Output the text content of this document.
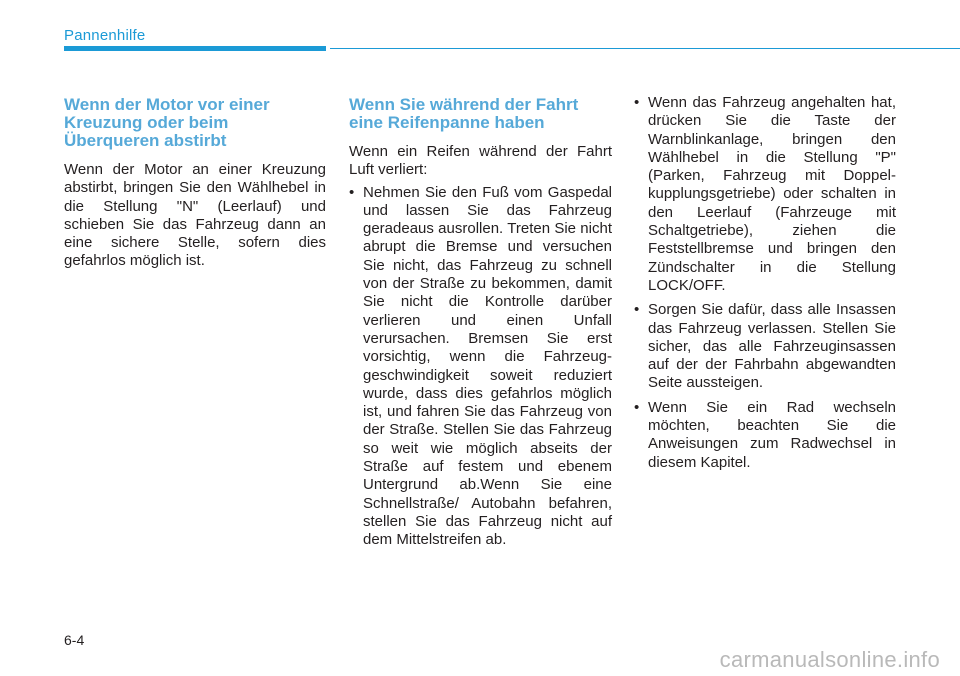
Pannenhilfe
Wenn der Motor vor einer Kreuzung oder beim Überqueren abstirbt

Wenn der Motor an einer Kreuzung abstirbt, bringen Sie den Wählhebel in die Stellung "N" (Leerlauf) und schieben Sie das Fahrzeug dann an eine sichere Stelle, sofern dies gefahrlos möglich ist.

Wenn Sie während der Fahrt eine Reifenpanne haben

Wenn ein Reifen während der Fahrt Luft verliert:

• Nehmen Sie den Fuß vom Gaspedal und lassen Sie das Fahrzeug geradeaus ausrollen. Treten Sie nicht abrupt die Bremse und versuchen Sie nicht, das Fahrzeug zu schnell von der Straße zu bekommen, damit Sie nicht die Kontrolle darüber verlieren und einen Unfall verursachen. Bremsen Sie erst vorsichtig, wenn die Fahrzeug-geschwindigkeit soweit reduziert wurde, dass dies gefahrlos möglich ist, und fahren Sie das Fahrzeug von der Straße. Stellen Sie das Fahrzeug so weit wie möglich abseits der Straße auf festem und ebenem Untergrund ab.Wenn Sie eine Schnellstraße/ Autobahn befahren, stellen Sie das Fahrzeug nicht auf dem Mittelstreifen ab.
• Wenn das Fahrzeug angehalten hat, drücken Sie die Taste der Warnblinkanlage, bringen den Wählhebel in die Stellung "P" (Parken, Fahrzeug mit Doppel-kupplungsgetriebe) oder schalten in den Leerlauf (Fahrzeuge mit Schaltgetriebe), ziehen die Feststellbremse und bringen den Zündschalter in die Stellung LOCK/OFF.
• Sorgen Sie dafür, dass alle Insassen das Fahrzeug verlassen. Stellen Sie sicher, das alle Fahrzeuginsassen auf der der Fahrbahn abgewandten Seite aussteigen.
• Wenn Sie ein Rad wechseln möchten, beachten Sie die Anweisungen zum Radwechsel in diesem Kapitel.
6-4
carmanualsonline.info
